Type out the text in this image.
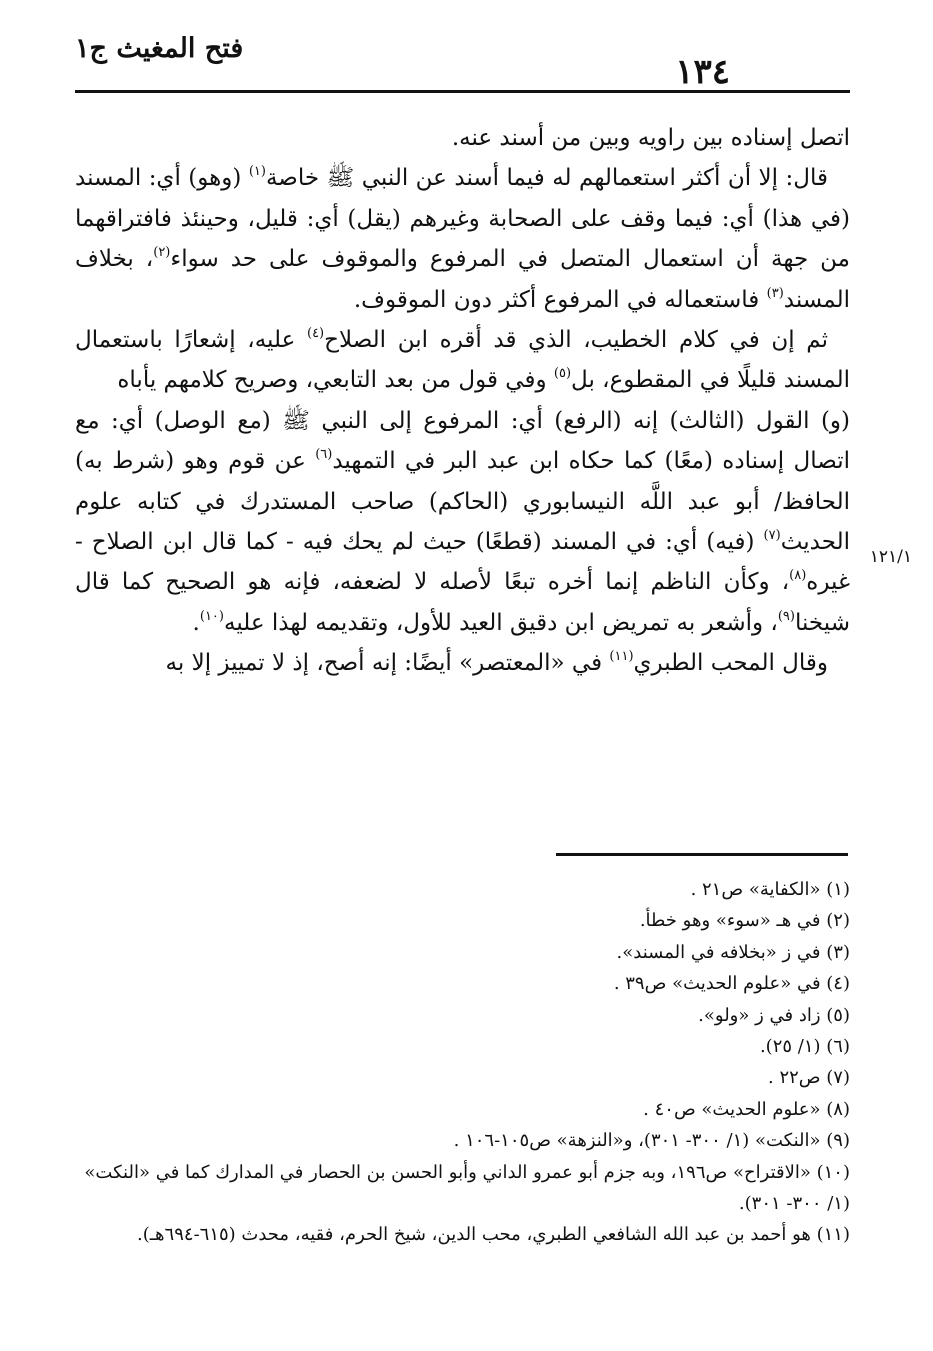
١٣٤
فتح المغيث ج١

اتصل إسناده بين راويه وبين من أسند عنه.

قال: إلا أن أكثر استعمالهم له فيما أسند عن النبي ﷺ خاصة$^{(١)}$ (وهو) أي: المسند (في هذا) أي: فيما وقف على الصحابة وغيرهم (يقل) أي: قليل، وحينئذ فافتراقهما من جهة أن استعمال المتصل في المرفوع والموقوف على حد سواء$^{(٢)}$، بخلاف المسند$^{(٣)}$ فاستعماله في المرفوع أكثر دون الموقوف.

ثم إن في كلام الخطيب، الذي قد أقره ابن الصلاح$^{(٤)}$ عليه، إشعارًا باستعمال المسند قليلًا في المقطوع، بل$^{(٥)}$ وفي قول من بعد التابعي، وصريح كلامهم يأباه

(و) القول (الثالث) إنه (الرفع) أي: المرفوع إلى النبي ﷺ (مع الوصل) أي: مع اتصال إسناده (معًا) كما حكاه ابن عبد البر في التمهيد$^{(٦)}$ عن قوم وهو (شرط به) الحافظ/ أبو عبد اللَّه النيسابوري (الحاكم) صاحب المستدرك في كتابه علوم الحديث$^{(٧)}$ (فيه) أي: في المسند (قطعًا) حيث لم يحك فيه - كما قال ابن الصلاح - غيره$^{(٨)}$، وكأن الناظم إنما أخره تبعًا لأصله لا لضعفه، فإنه هو الصحيح كما قال شيخنا$^{(٩)}$، وأشعر به تمريض ابن دقيق العيد للأول، وتقديمه لهذا عليه$^{(١٠)}$.

وقال المحب الطبري$^{(١١)}$ في «المعتصر» أيضًا: إنه أصح، إذ لا تمييز إلا به

١٢١/١
(١) «الكفاية» ص٢١ .
(٢) في هـ «سوء» وهو خطأ.
(٣) في ز «بخلافه في المسند».
(٤) في «علوم الحديث» ص٣٩ .
(٥) زاد في ز «ولو».
(٦) (١/ ٢٥).
(٧) ص٢٢ .
(٨) «علوم الحديث» ص٤٠ .
(٩) «النكت» (١/ ٣٠٠- ٣٠١)، و«النزهة» ص١٠٥-١٠٦ .
(١٠) «الاقتراح» ص١٩٦، وبه جزم أبو عمرو الداني وأبو الحسن بن الحصار في المدارك كما في «النكت» (١/ ٣٠٠- ٣٠١).
(١١) هو أحمد بن عبد الله الشافعي الطبري، محب الدين، شيخ الحرم، فقيه، محدث (٦١٥-٦٩٤هـ).
